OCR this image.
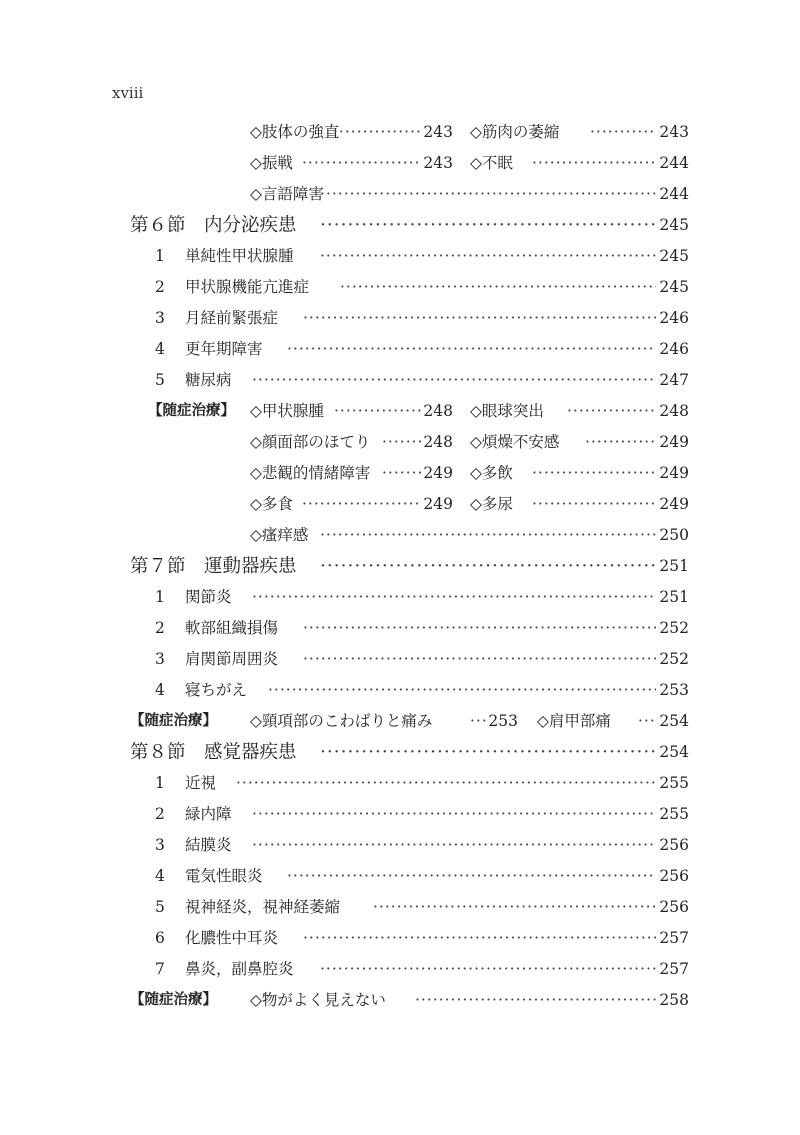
xviii
◇肢体の強直 ·····	243 ◇筋肉の萎縮 ·····	243
◇振戦 ·····	243 ◇不眠 ·····	244
◇言語障害 ·····	244
第６節　内分泌疾患 ·····	245
1 単純性甲状腺腫 ·····	245
2 甲状腺機能亢進症 ·····	245
3 月経前緊張症 ·····	246
4 更年期障害 ·····	246
5 糖尿病 ·····	247
【随症治療】 ◇甲状腺腫 ·····	248 ◇眼球突出 ·····	248
◇顔面部のほてり ·····	248 ◇煩燥不安感 ·····	249
◇悲観的情緒障害 ·····	249 ◇多飲 ·····	249
◇多食 ·····	249 ◇多尿 ·····	249
◇瘙痒感 ·····	250
第７節　運動器疾患 ·····	251
1 関節炎 ·····	251
2 軟部組織損傷 ·····	252
3 肩関節周囲炎 ·····	252
4 寝ちがえ ·····	253
【随症治療】 ◇頸項部のこわばりと痛み ·····	253 ◇肩甲部痛 ·····	254
第８節　感覚器疾患 ·····	254
1 近視 ·····	255
2 緑内障 ·····	255
3 結膜炎 ·····	256
4 電気性眼炎 ·····	256
5 視神経炎，視神経萎縮 ·····	256
6 化膿性中耳炎 ·····	257
7 鼻炎，副鼻腔炎 ·····	257
【随症治療】 ◇物がよく見えない ·····	258
